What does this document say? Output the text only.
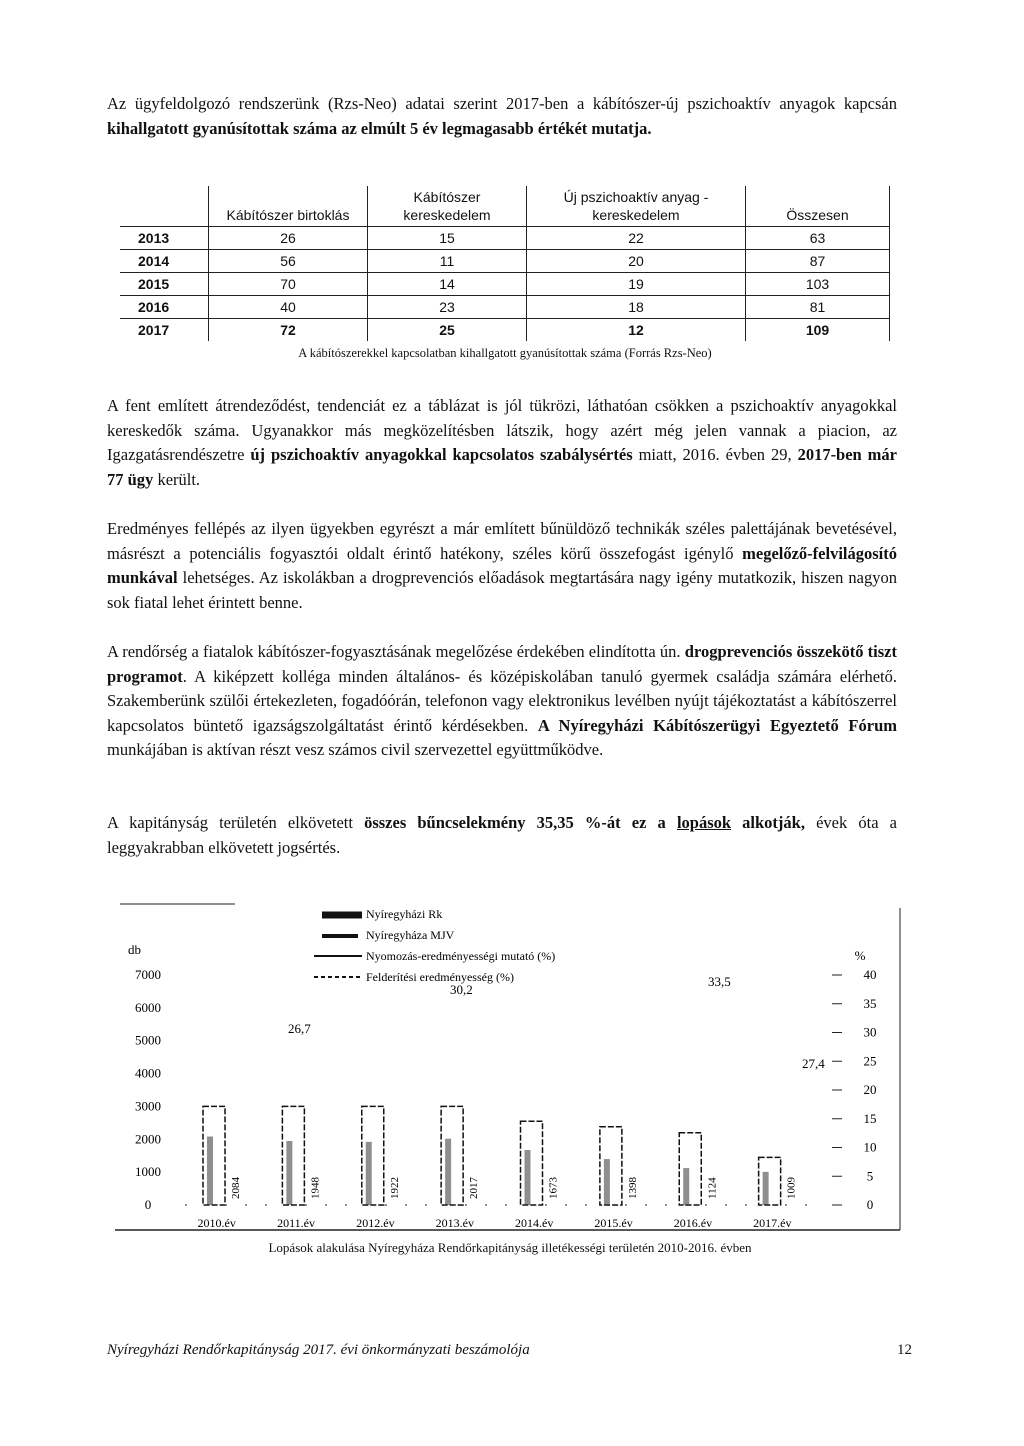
Az ügyfeldolgozó rendszerünk (Rzs-Neo) adatai szerint 2017-ben a kábítószer-új pszichoaktív anyagok kapcsán kihallgatott gyanúsítottak száma az elmúlt 5 év legmagasabb értékét mutatja.

	Kábítószer birtoklás	Kábítószer kereskedelem	Új pszichoaktív anyag - kereskedelem	Összesen
2013	26	15	22	63
2014	56	11	20	87
2015	70	14	19	103
2016	40	23	18	81
2017	72	25	12	109
A kábítószerekkel kapcsolatban kihallgatott gyanúsítottak száma (Forrás Rzs-Neo)

A fent említett átrendeződést, tendenciát ez a táblázat is jól tükrözi, láthatóan csökken a pszichoaktív anyagokkal kereskedők száma. Ugyanakkor más megközelítésben látszik, hogy azért még jelen vannak a piacion, az Igazgatásrendészetre új pszichoaktív anyagokkal kapcsolatos szabálysértés miatt, 2016. évben 29, 2017-ben már 77 ügy került.

Eredményes fellépés az ilyen ügyekben egyrészt a már említett bűnüldöző technikák széles palettájának bevetésével, másrészt a potenciális fogyasztói oldalt érintő hatékony, széles körű összefogást igénylő megelőző-felvilágosító munkával lehetséges. Az iskolákban a drogprevenciós előadások megtartására nagy igény mutatkozik, hiszen nagyon sok fiatal lehet érintett benne.

A rendőrség a fiatalok kábítószer-fogyasztásának megelőzése érdekében elindította ún. drogprevenciós összekötő tiszt programot. A kiképzett kolléga minden általános- és középiskolában tanuló gyermek családja számára elérhető. Szakemberünk szülői értekezleten, fogadóórán, telefonon vagy elektronikus levélben nyújt tájékoztatást a kábítószerrel kapcsolatos büntető igazságszolgáltatást érintő kérdésekben. A Nyíregyházi Kábítószerügyi Egyeztető Fórum munkájában is aktívan részt vesz számos civil szervezettel együttműködve.

A kapitányság területén elkövetett összes bűncselekmény 35,35 %-át ez a lopások alkotják, évek óta a leggyakrabban elkövetett jogsértés.

db
7000
6000
5000
4000
3000
2000
1000
0
%
40
35
30
25
20
15
10
5
0
2084
2010.év
1948
2011.év
1922
2012.év
2017
2013.év
1673
2014.év
1398
2015.év
1124
2016.év
1009
2017.év
26,7
30,2
33,5
27,4
Nyíregyházi Rk
Nyíregyháza MJV
Nyomozás-eredményességi mutató (%)
Felderítési eredményesség (%)
Lopások alakulása Nyíregyháza Rendőrkapitányság illetékességi területén 2010-2016. évben
Nyíregyházi Rendőrkapitányság 2017. évi önkormányzati beszámolója	12
